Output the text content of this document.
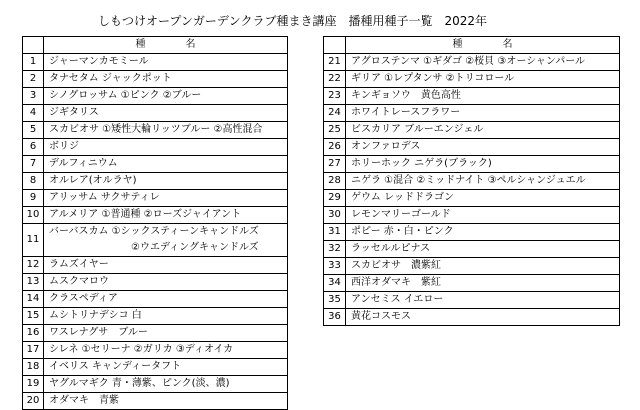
しもつけオープンガーデンクラブ種まき講座　播種用種子一覧　2022年
	種 名
1	ジャーマンカモミール
2	タナセタム ジャックポット
3	シノグロッサム ①ピンク ②ブルー
4	ジギタリス
5	スカビオサ ①矮性大輪リッツブルー ②高性混合
6	ボリジ
7	デルフィニウム
8	オルレア(オルラヤ)
9	アリッサム サクサティレ
10	アルメリア ①普通種 ②ローズジャイアント
11	バーバスカム ①シックスティーンキャンドルズ
②ウエディングキャンドルズ

12	ラムズイヤー
13	ムスクマロウ
14	クラスペディア
15	ムシトリナデシコ 白
16	ワスレナグサ　ブルー
17	シレネ ①セリーナ ②ガリカ ③ディオイカ
18	イベリス キャンディータフト
19	ヤグルマギク 青・薄紫、ピンク(淡、濃)
20	オダマキ　青紫
	種 名
21	アグロステンマ ①ギダゴ ②桜貝 ③オーシャンパール
22	ギリア ①レプタンサ ②トリコロール
23	キンギョソウ　黄色高性
24	ホワイトレースフラワー
25	ビスカリア ブルーエンジェル
26	オンファロデス
27	ホリーホック ニゲラ(ブラック)
28	ニゲラ ①混合 ②ミッドナイト ③ペルシャンジュエル
29	ゲウム レッドドラゴン
30	レモンマリーゴールド
31	ポピー 赤・白・ピンク
32	ラッセルルピナス
33	スカビオサ　濃紫紅
34	西洋オダマキ　紫紅
35	アンセミス イエロー
36	黄花コスモス
